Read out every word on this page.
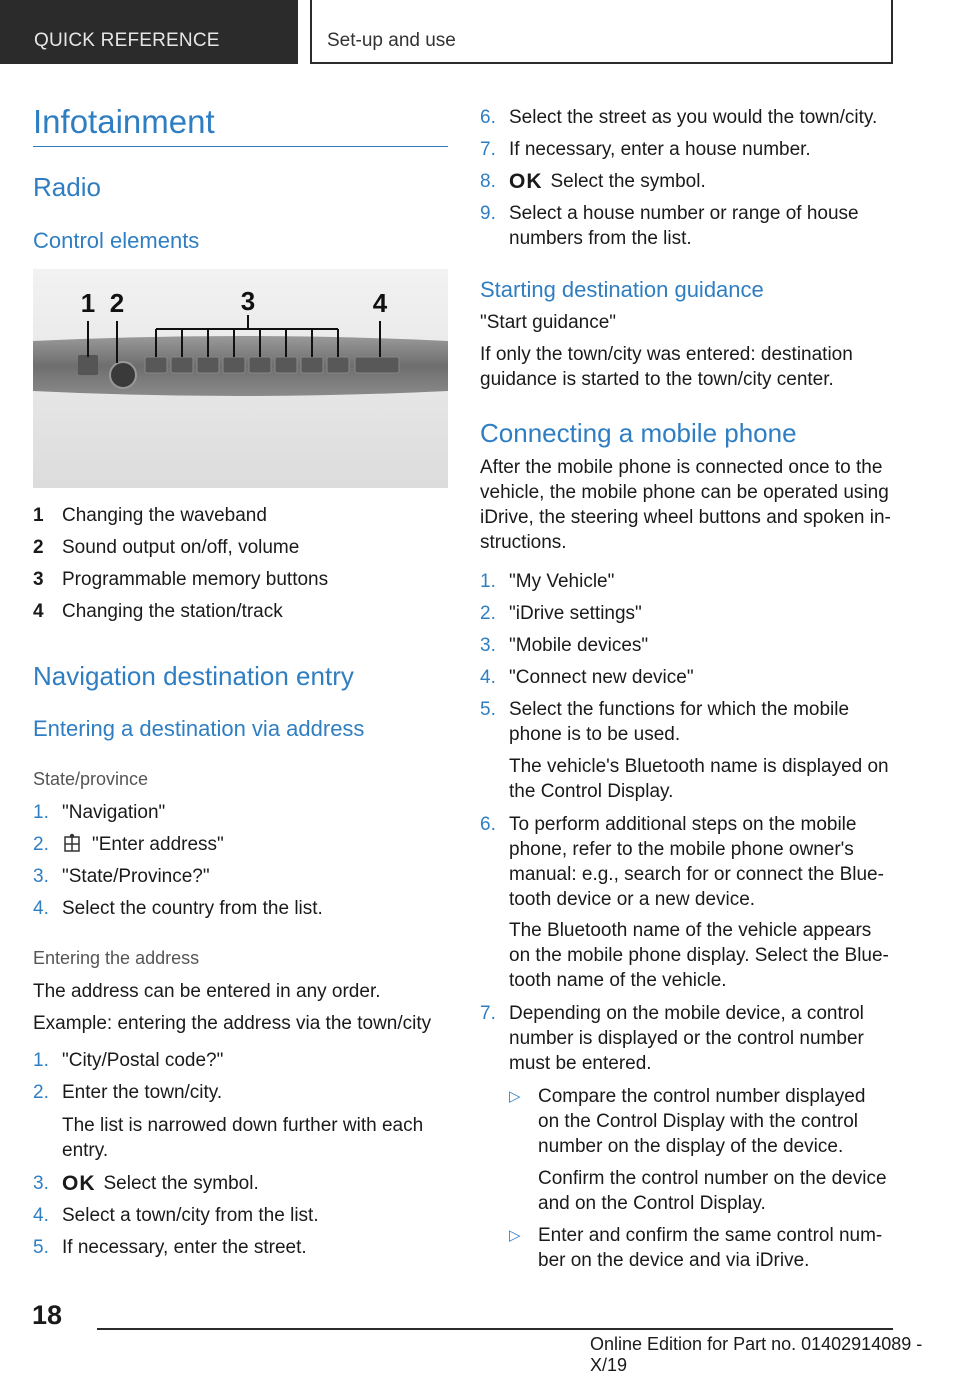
QUICK REFERENCE	Set-up and use
Infotainment
Radio
Control elements
1 2	3	4
1 Changing the waveband
2 Sound output on/off, volume
3 Programmable memory buttons
4 Changing the station/track
Navigation destination entry
Entering a destination via address
State/province
1. "Navigation"
2.	"Enter address"
3. "State/Province?"
4. Select the country from the list.
Entering the address
The address can be entered in any order.
Example: entering the address via the town/city
1. "City/Postal code?"
2. Enter the town/city.
The list is narrowed down further with each
entry.
3. OK Select the symbol.
4. Select a town/city from the list.
5. If necessary, enter the street.
6. Select the street as you would the town/city.
7. If necessary, enter a house number.
8. OK Select the symbol.
9. Select a house number or range of house
numbers from the list.
Starting destination guidance
"Start guidance"
If only the town/city was entered: destination
guidance is started to the town/city center.
Connecting a mobile phone
After the mobile phone is connected once to the
vehicle, the mobile phone can be operated using
iDrive, the steering wheel buttons and spoken in-
structions.
1. "My Vehicle"
2. "iDrive settings"
3. "Mobile devices"
4. "Connect new device"
5. Select the functions for which the mobile
phone is to be used.
The vehicle's Bluetooth name is displayed on
the Control Display.
6. To perform additional steps on the mobile
phone, refer to the mobile phone owner's
manual: e.g., search for or connect the Blue-
tooth device or a new device.
The Bluetooth name of the vehicle appears
on the mobile phone display. Select the Blue-
tooth name of the vehicle.
7. Depending on the mobile device, a control
number is displayed or the control number
must be entered.
▷ Compare the control number displayed
on the Control Display with the control
number on the display of the device.
Confirm the control number on the device
and on the Control Display.
▷ Enter and confirm the same control num-
ber on the device and via iDrive.
18
Online Edition for Part no. 01402914089 - X/19
